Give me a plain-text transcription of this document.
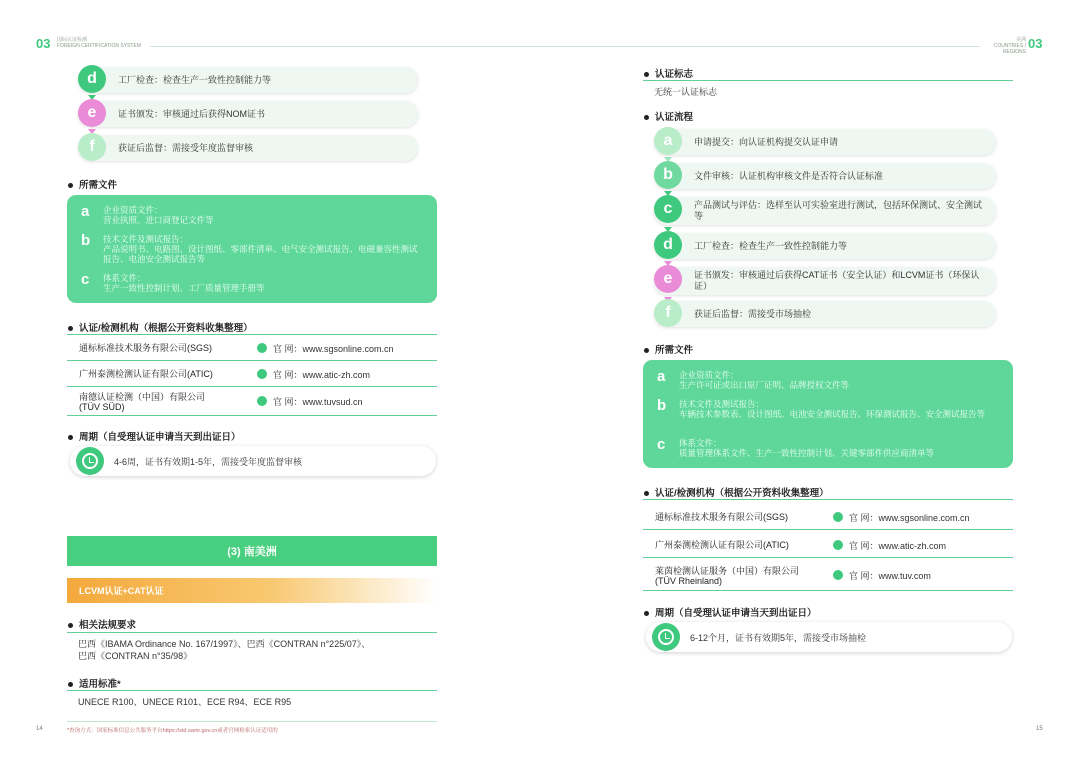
03 国际认证检测
FOREIGN CERTIFICATION SYSTEM
d	工厂检查：检查生产一致性控制能力等
e	证书颁发：审核通过后获得NOM证书
f	获证后监督：需接受年度监督审核
所需文件
a 企业资质文件：
营业执照、进口商登记文件等
b 技术文件及测试报告：
产品说明书、电路图、设计图纸、零部件清单、电气安全测试报告、电磁兼容性测试报告、电池安全测试报告等
c 体系文件：
生产一致性控制计划、工厂质量管理手册等
认证/检测机构（根据公开资料收集整理）
通标标准技术服务有限公司(SGS)	官 网：www.sgsonline.com.cn
广州泰测检测认证有限公司(ATIC)	官 网：www.atic-zh.com
南德认证检测（中国）有限公司
(TÜV SÜD)	官 网：www.tuvsud.cn
周期（自受理认证申请当天到出证日）
4-6周，证书有效期1-5年，需接受年度监督审核
(3) 南美洲
LCVM认证+CAT认证
相关法规要求
巴西《IBAMA Ordinance No. 167/1997》、巴西《CONTRAN n°225/07》、
巴西《CONTRAN n°35/98》
适用标准*
UNECE R100、UNECE R101、ECE R94、ECE R95
*查询方式：国家标准信息公共服务平台https://std.samr.gov.cn或者官网检索认证适用的
14
美洲
COUNTRIES / REGIONS
03
认证标志
无统一认证标志
认证流程
a	申请提交：向认证机构提交认证申请
b	文件审核：认证机构审核文件是否符合认证标准
c	产品测试与评估：选样至认可实验室进行测试，包括环保测试、安全测试等
d	工厂检查：检查生产一致性控制能力等
e	证书颁发：审核通过后获得CAT证书（安全认证）和LCVM证书（环保认证）
f	获证后监督：需接受市场抽检
所需文件
a 企业资质文件：
生产许可证或出口原厂证明、品牌授权文件等
b 技术文件及测试报告：
车辆技术参数表、设计图纸、电池安全测试报告、环保测试报告、安全测试报告等
c 体系文件：
质量管理体系文件、生产一致性控制计划、关键零部件供应商清单等
认证/检测机构（根据公开资料收集整理）
通标标准技术服务有限公司(SGS)	官 网：www.sgsonline.com.cn
广州泰测检测认证有限公司(ATIC)	官 网：www.atic-zh.com
莱茵检测认证服务（中国）有限公司
(TÜV Rheinland)	官 网：www.tuv.com
周期（自受理认证申请当天到出证日）
6-12个月，证书有效期5年，需接受市场抽检
15
